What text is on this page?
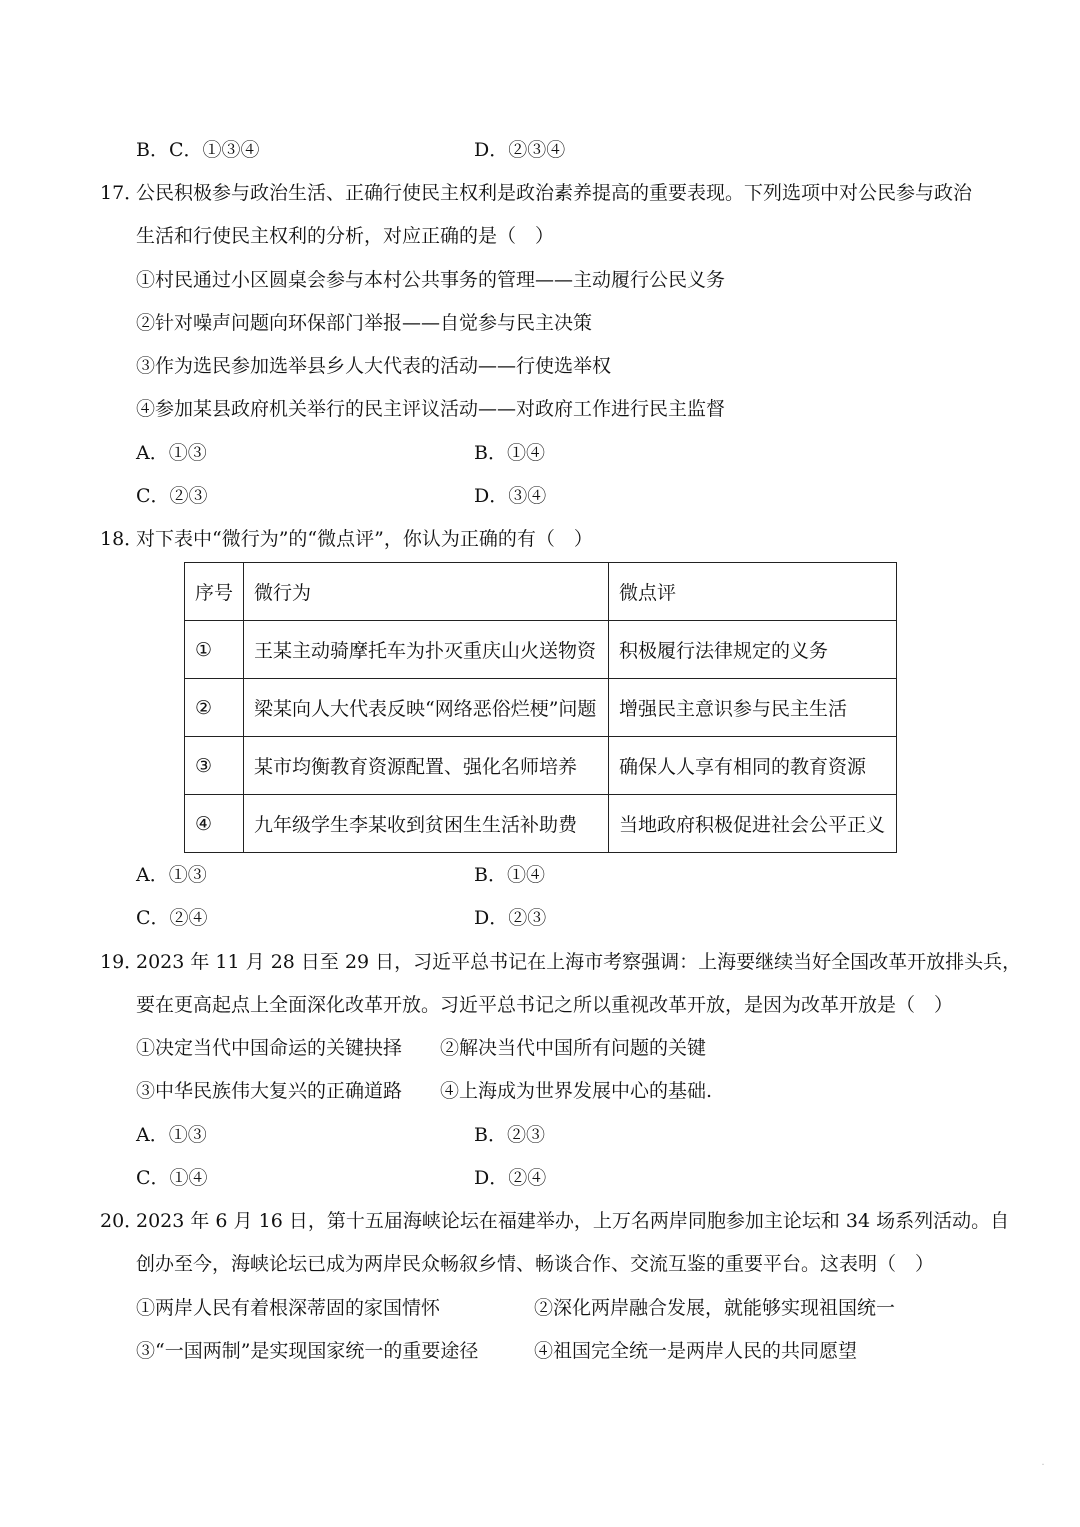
B．C．①③④	D．②③④
17．
公民积极参与政治生活、正确行使民主权利是政治素养提高的重要表现。下列选项中对公民参与政治
生活和行使民主权利的分析，对应正确的是（　）
①村民通过小区圆桌会参与本村公共事务的管理——主动履行公民义务
②针对噪声问题向环保部门举报——自觉参与民主决策
③作为选民参加选举县乡人大代表的活动——行使选举权
④参加某县政府机关举行的民主评议活动——对政府工作进行民主监督
A．①③	B．①④
C．②③	D．③④
18．
对下表中“微行为”的“微点评”，你认为正确的有（　）
序号	微行为	微点评
①	王某主动骑摩托车为扑灭重庆山火送物资	积极履行法律规定的义务
②	梁某向人大代表反映“网络恶俗烂梗”问题	增强民主意识参与民主生活
③	某市均衡教育资源配置、强化名师培养	确保人人享有相同的教育资源
④	九年级学生李某收到贫困生生活补助费	当地政府积极促进社会公平正义
A．①③	B．①④
C．②④	D．②③
19．
2023 年 11 月 28 日至 29 日，习近平总书记在上海市考察强调：上海要继续当好全国改革开放排头兵，
要在更高起点上全面深化改革开放。习近平总书记之所以重视改革开放，是因为改革开放是（　）
①决定当代中国命运的关键抉择 ②解决当代中国所有问题的关键
③中华民族伟大复兴的正确道路 ④上海成为世界发展中心的基础.
A．①③	B．②③
C．①④	D．②④
20．
2023 年 6 月 16 日，第十五届海峡论坛在福建举办，上万名两岸同胞参加主论坛和 34 场系列活动。自
创办至今，海峡论坛已成为两岸民众畅叙乡情、畅谈合作、交流互鉴的重要平台。这表明（　）
①两岸人民有着根深蒂固的家国情怀	②深化两岸融合发展，就能够实现祖国统一
③“一国两制”是实现国家统一的重要途径	④祖国完全统一是两岸人民的共同愿望
˙
